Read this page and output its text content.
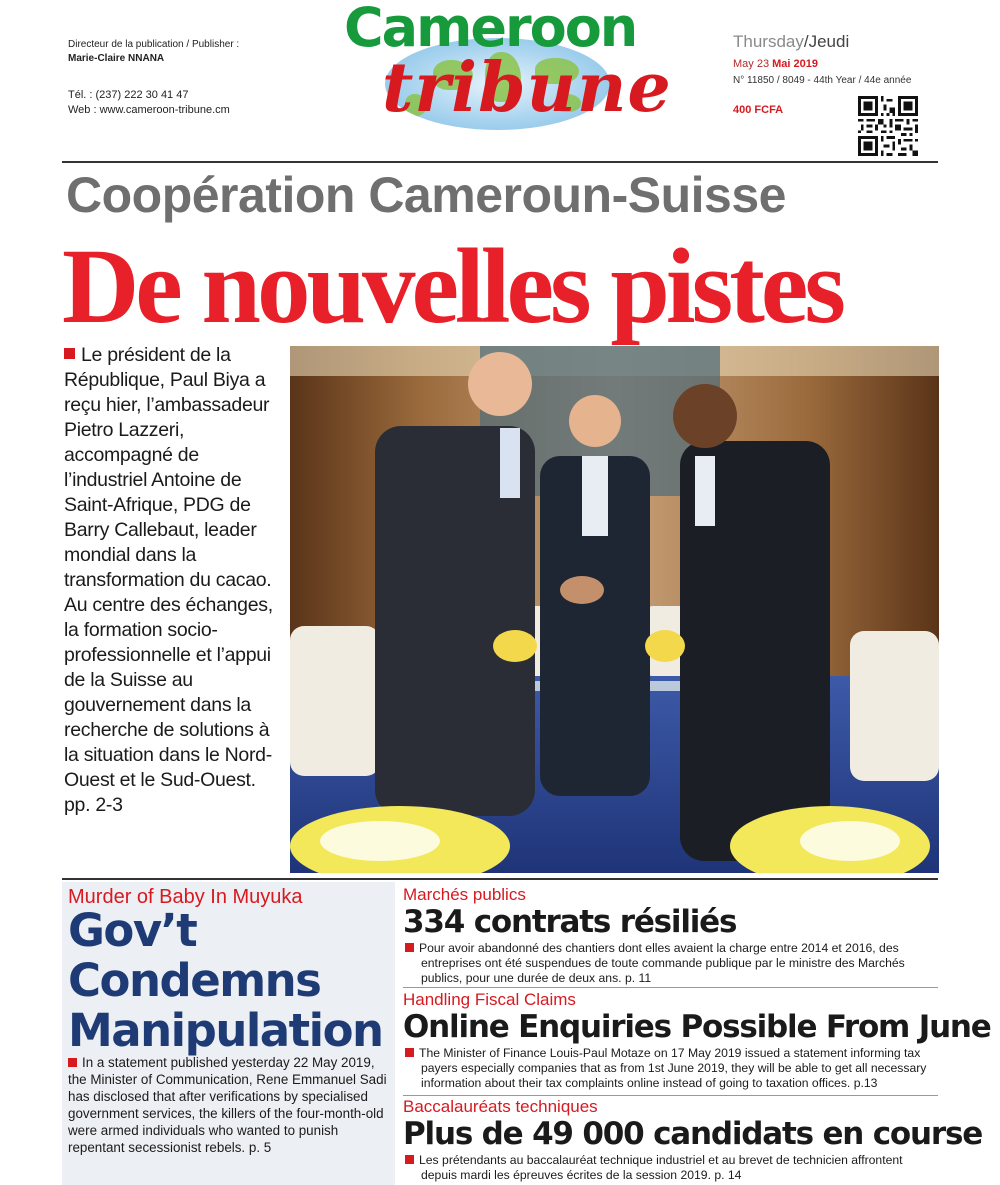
Directeur de la publication / Publisher :
Marie-Claire NNANA
Tél. : (237) 222 30 41 47
Web : www.cameroon-tribune.cm
Cameroon
tribune
Thursday/Jeudi
May 23 Mai 2019
N° 11850 / 8049 - 44th Year / 44e année
400 FCFA
Coopération Cameroun-Suisse
De nouvelles pistes
Le président de la République, Paul Biya a reçu hier, l’ambassadeur Pietro Lazzeri, accompagné de l’industriel Antoine de Saint-Afrique, PDG de Barry Callebaut, leader mondial dans la transformation du cacao. Au centre des échanges, la formation socio-professionnelle et l’appui de la Suisse au gouvernement dans la recherche de solutions à la situation dans le Nord-Ouest et le Sud-Ouest. pp. 2-3
Murder of Baby In Muyuka
Gov’t
Condemns
Manipulation
In a statement published yesterday 22 May 2019, the Minister of Communication, Rene Emmanuel Sadi has disclosed that after verifications by specialised government services, the killers of the four-month-old were armed individuals who wanted to punish repentant secessionist rebels. p. 5
Marchés publics
334 contrats résiliés
Pour avoir abandonné des chantiers dont elles avaient la charge entre 2014 et 2016, des entreprises ont été suspendues de toute commande publique par le ministre des Marchés publics, pour une durée de deux ans. p. 11
Handling Fiscal Claims
Online Enquiries Possible From June
The Minister of Finance Louis-Paul Motaze on 17 May 2019 issued a statement informing tax payers especially companies that as from 1st June 2019, they will be able to get all necessary information about their tax complaints online instead of going to taxation offices. p.13
Baccalauréats techniques
Plus de 49 000 candidats en course
Les prétendants au baccalauréat technique industriel et au brevet de technicien affrontent depuis mardi les épreuves écrites de la session 2019. p. 14
